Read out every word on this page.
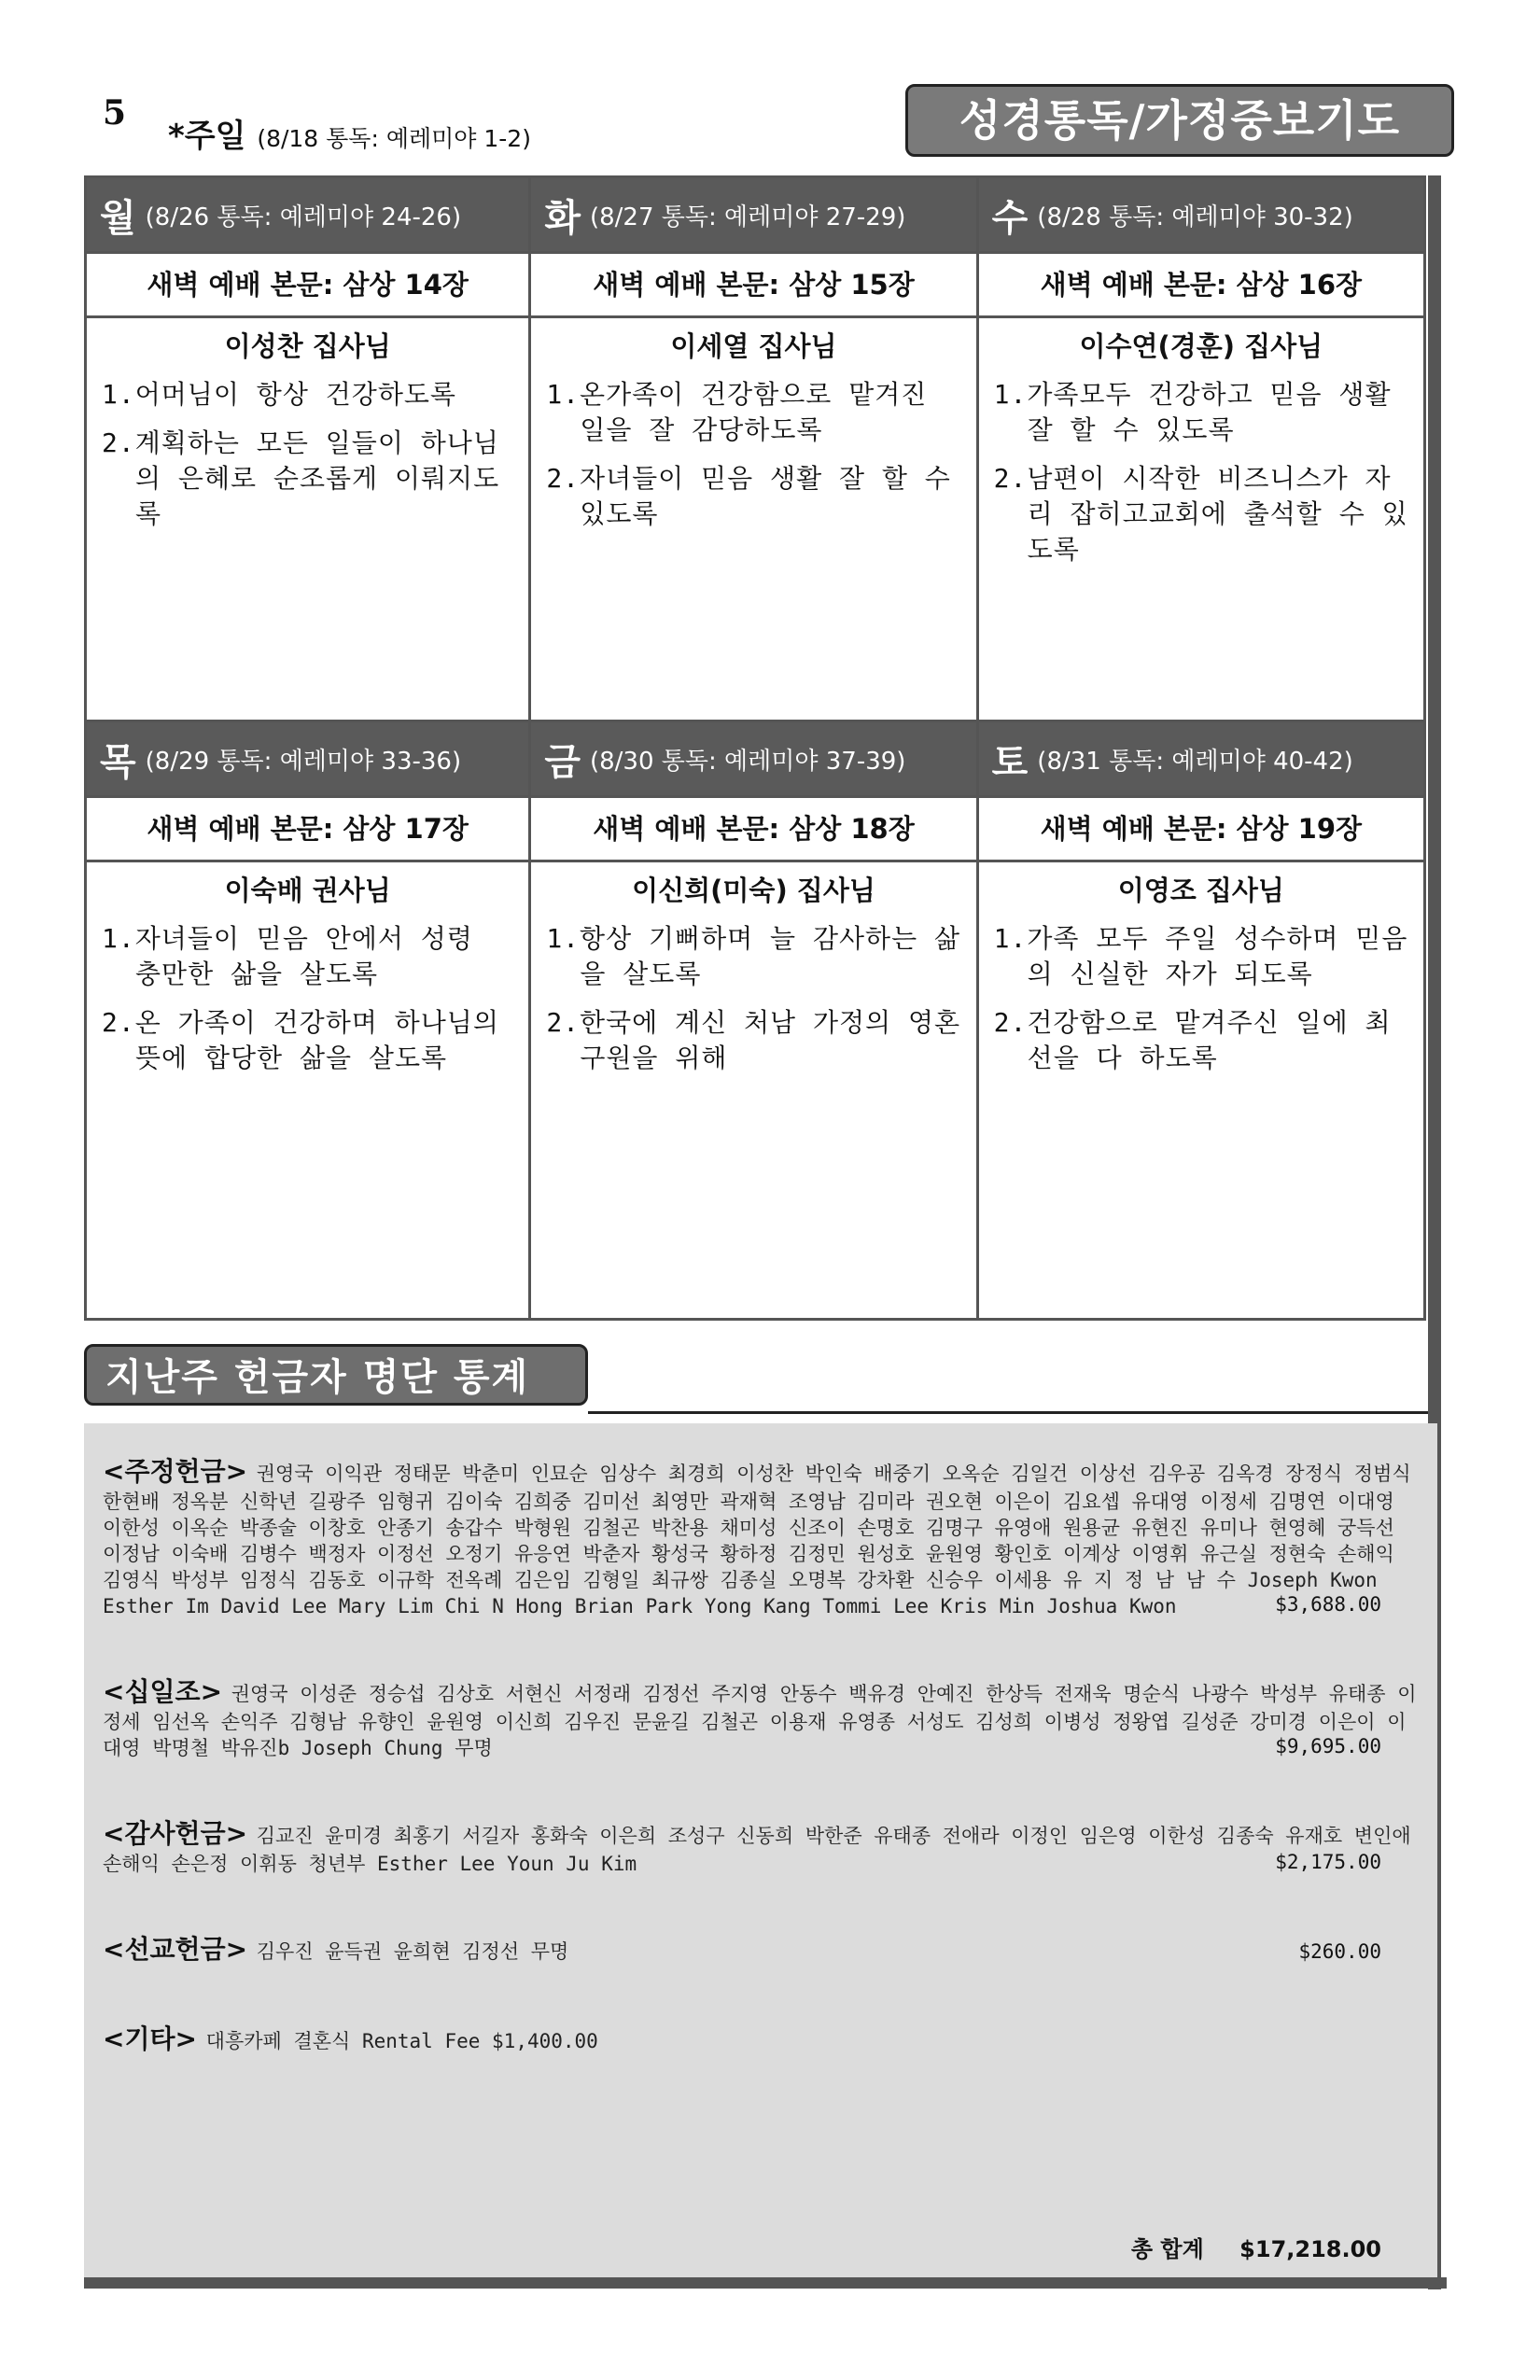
5
*주일 (8/18 통독: 예레미야 1-2)	성경통독/가정중보기도
월 (8/26 통독: 예레미야 24-26)
새벽 예배 본문: 삼상 14장
이성찬 집사님
1.어머님이 항상 건강하도록
2.계획하는 모든 일들이 하나님의 은혜로 순조롭게 이뤄지도록
화 (8/27 통독: 예레미야 27-29)
새벽 예배 본문: 삼상 15장
이세열 집사님
1.온가족이 건강함으로 맡겨진 일을 잘 감당하도록
2.자녀들이 믿음 생활 잘 할 수 있도록
수 (8/28 통독: 예레미야 30-32)
새벽 예배 본문: 삼상 16장
이수연(경훈) 집사님
1.가족모두 건강하고 믿음 생활 잘 할 수 있도록
2.남편이 시작한 비즈니스가 자리 잡히고교회에 출석할 수 있도록
목 (8/29 통독: 예레미야 33-36)
새벽 예배 본문: 삼상 17장
이숙배 권사님
1.자녀들이 믿음 안에서 성령 충만한 삶을 살도록
2.온 가족이 건강하며 하나님의 뜻에 합당한 삶을 살도록
금 (8/30 통독: 예레미야 37-39)
새벽 예배 본문: 삼상 18장
이신희(미숙) 집사님
1.항상 기뻐하며 늘 감사하는 삶을 살도록
2.한국에 계신 처남 가정의 영혼 구원을 위해
토 (8/31 통독: 예레미야 40-42)
새벽 예배 본문: 삼상 19장
이영조 집사님
1.가족 모두 주일 성수하며 믿음의 신실한 자가 되도록
2.건강함으로 맡겨주신 일에 최선을 다 하도록
지난주 헌금자 명단 통계
<주정헌금> 권영국 이익관 정태문 박춘미 인묘순 임상수 최경희 이성찬 박인숙 배중기 오옥순 김일건 이상선 김우공 김옥경 장정식 정범식 한현배 정옥분 신학년 길광주 임형귀 김이숙 김희중 김미선 최영만 곽재혁 조영남 김미라 권오현 이은이 김요셉 유대영 이정세 김명연 이대영 이한성 이옥순 박종술 이창호 안종기 송갑수 박형원 김철곤 박찬용 채미성 신조이 손명호 김명구 유영애 원용균 유현진 유미나 현영혜 궁득선 이정남 이숙배 김병수 백정자 이정선 오정기 유응연 박춘자 황성국 황하정 김정민 원성호 윤원영 황인호 이계상 이영휘 유근실 정현숙 손해익 김영식 박성부 임정식 김동호 이규학 전옥례 김은임 김형일 최규쌍 김종실 오명복 강차환 신승우 이세용 유 지 정 남 남 수 Joseph Kwon Esther Im David Lee Mary Lim Chi N Hong Brian Park Yong Kang Tommi Lee Kris Min Joshua Kwon	$3,688.00
<십일조> 권영국 이성준 정승섭 김상호 서현신 서정래 김정선 주지영 안동수 백유경 안예진 한상득 전재욱 명순식 나광수 박성부 유태종 이정세 임선옥 손익주 김형남 유향인 윤원영 이신희 김우진 문윤길 김철곤 이용재 유영종 서성도 김성희 이병성 정왕엽 길성준 강미경 이은이 이대영 박명철 박유진b Joseph Chung 무명	$9,695.00
<감사헌금> 김교진 윤미경 최홍기 서길자 홍화숙 이은희 조성구 신동희 박한준 유태종 전애라 이정인 임은영 이한성 김종숙 유재호 변인애 손해익 손은정 이휘동 청년부 Esther Lee Youn Ju Kim	$2,175.00
<선교헌금> 김우진 윤득권 윤희현 김정선 무명	$260.00
<기타> 대흥카페 결혼식 Rental Fee $1,400.00
총 합계 $17,218.00
